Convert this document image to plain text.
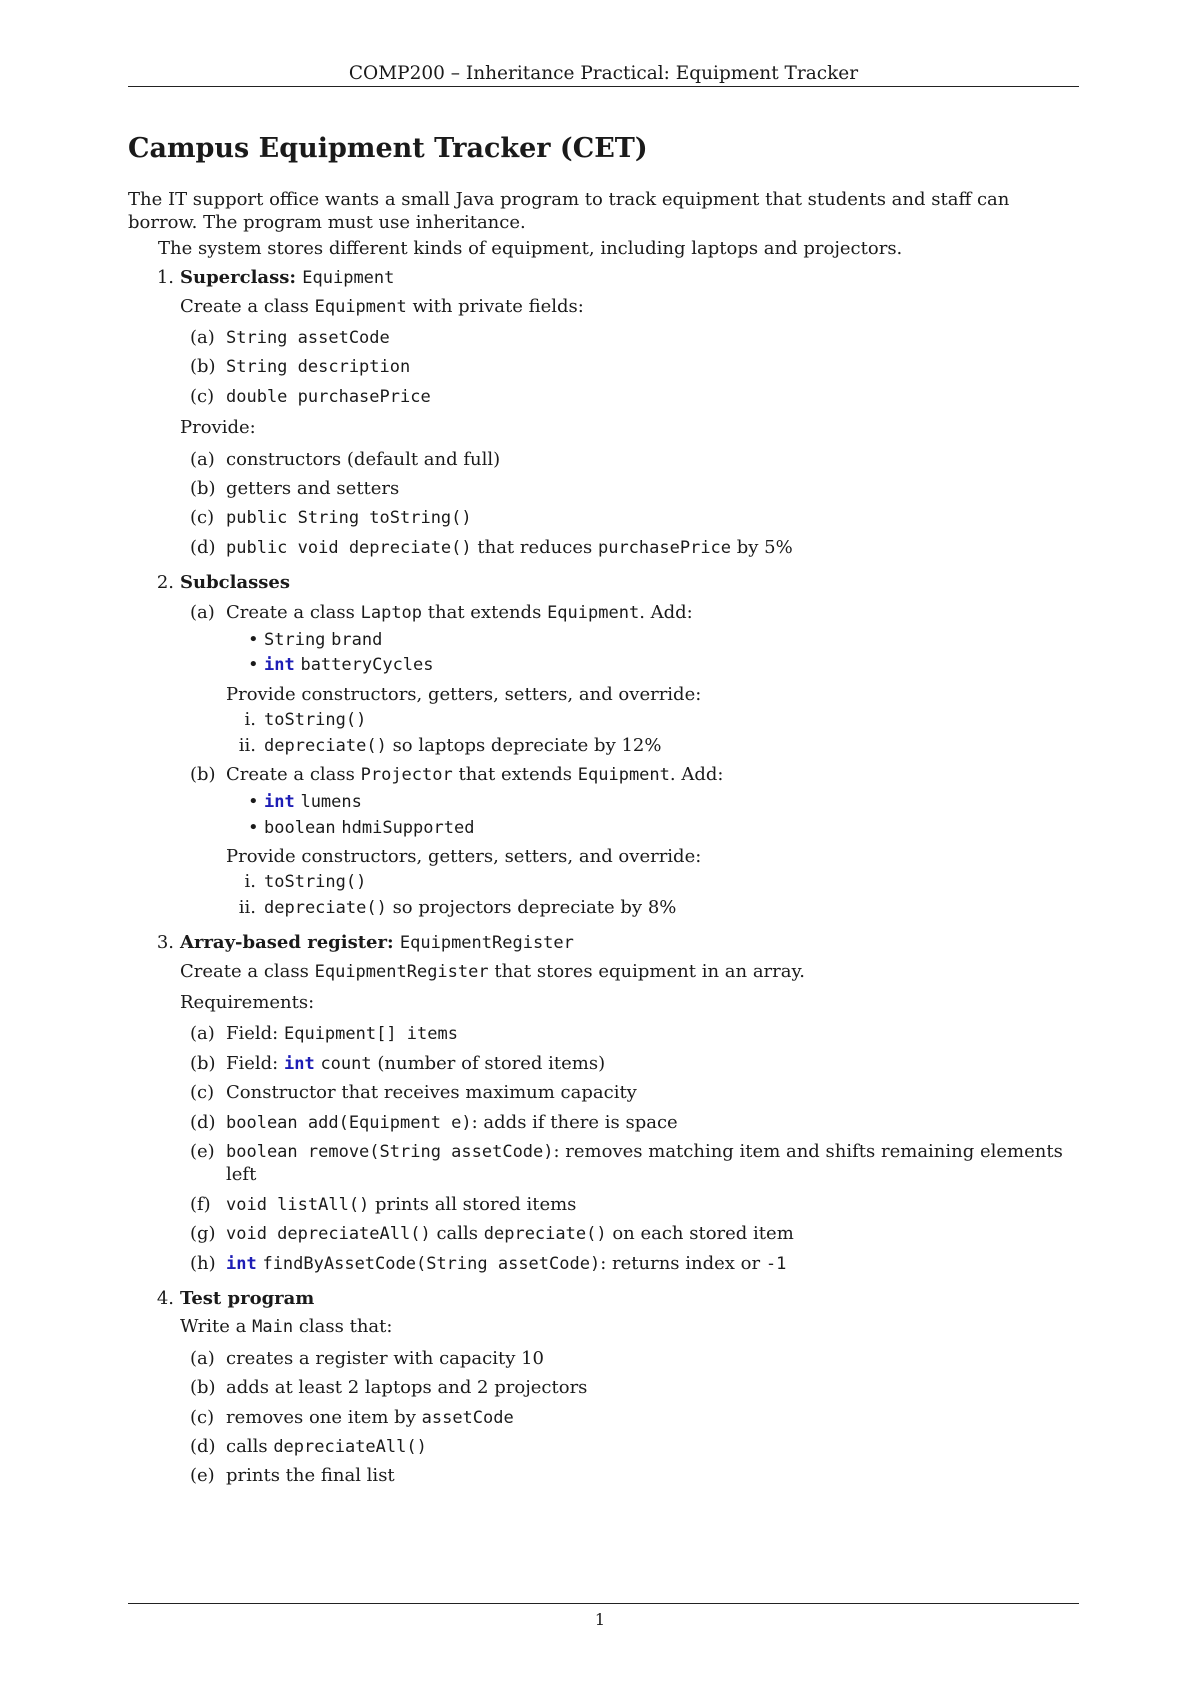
COMP200 – Inheritance Practical: Equipment Tracker
Campus Equipment Tracker (CET)

The IT support office wants a small Java program to track equipment that students and staff can borrow. The program must use inheritance.

The system stores different kinds of equipment, including laptops and projectors.

1. Superclass: Equipment

Create a class Equipment with private fields:

(a) String assetCode
(b) String description
(c) double purchasePrice

Provide:

(a) constructors (default and full)
(b) getters and setters
(c) public String toString()
(d) public void depreciate() that reduces purchasePrice by 5%
2. Subclasses
(a) Create a class Laptop that extends Equipment. Add:
• String brand
• int batteryCycles
Provide constructors, getters, setters, and override:
i. toString()
ii. depreciate() so laptops depreciate by 12%
(b) Create a class Projector that extends Equipment. Add:
• int lumens
• boolean hdmiSupported
Provide constructors, getters, setters, and override:
i. toString()
ii. depreciate() so projectors depreciate by 8%
3. Array-based register: EquipmentRegister

Create a class EquipmentRegister that stores equipment in an array.

Requirements:

(a) Field: Equipment[] items
(b) Field: int count (number of stored items)
(c) Constructor that receives maximum capacity
(d) boolean add(Equipment e): adds if there is space
(e) boolean remove(String assetCode): removes matching item and shifts remaining elements left
(f) void listAll() prints all stored items
(g) void depreciateAll() calls depreciate() on each stored item
(h) int findByAssetCode(String assetCode): returns index or -1
4. Test program

Write a Main class that:

(a) creates a register with capacity 10
(b) adds at least 2 laptops and 2 projectors
(c) removes one item by assetCode
(d) calls depreciateAll()
(e) prints the final list
1
